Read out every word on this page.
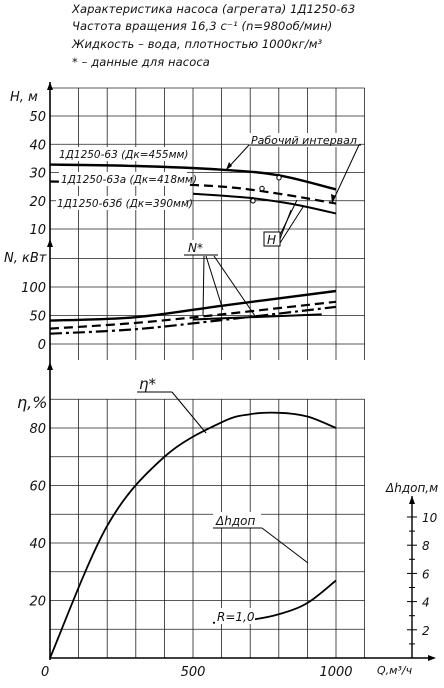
Характеристика насоса (агрегата) 1Д1250-63
Частота вращения 16,3 с⁻¹ (n=980об/мин)
Жидкость – вода, плотностью 1000кг/м³
* – данные для насоса
10
20
30
40
50
0
50
100
20
40
60
80
2
4
6
8
10
0	500	1000
Н, м
N, кВт
η,%
Δhдоп,м
Q,м³/ч
1Д1250-63 (Дк=455мм)
1Д1250-63а (Дк=418мм)
1Д1250-63б (Дк=390мм)
Рабочий интервал
Н
N*
η*
Δhдоп
R=1,0
